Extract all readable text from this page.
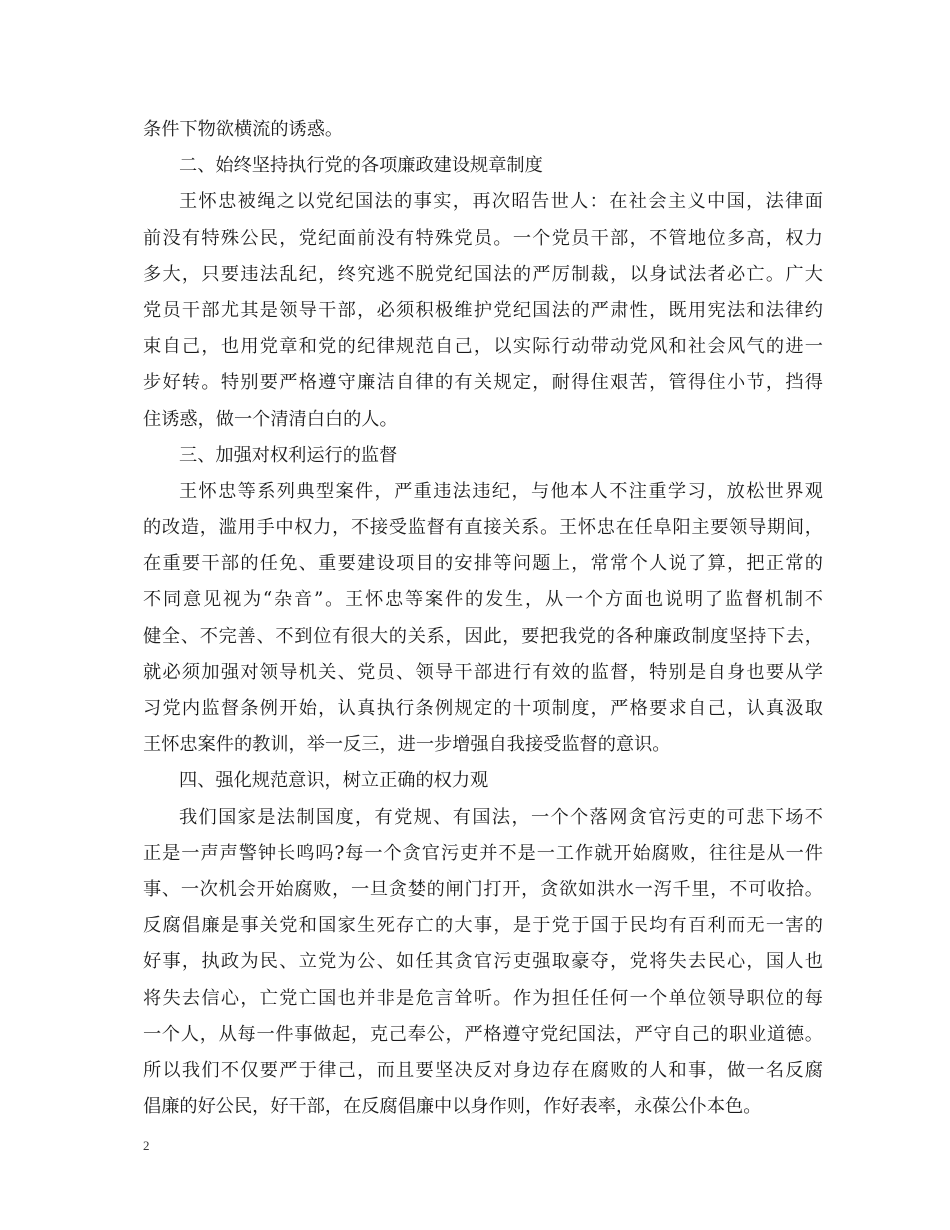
条件下物欲横流的诱惑。
二、始终坚持执行党的各项廉政建设规章制度
王怀忠被绳之以党纪国法的事实，再次昭告世人：在社会主义中国，法律面
前没有特殊公民，党纪面前没有特殊党员。一个党员干部，不管地位多高，权力
多大，只要违法乱纪，终究逃不脱党纪国法的严厉制裁，以身试法者必亡。广大
党员干部尤其是领导干部，必须积极维护党纪国法的严肃性，既用宪法和法律约
束自己，也用党章和党的纪律规范自己，以实际行动带动党风和社会风气的进一
步好转。特别要严格遵守廉洁自律的有关规定，耐得住艰苦，管得住小节，挡得
住诱惑，做一个清清白白的人。
三、加强对权利运行的监督
王怀忠等系列典型案件，严重违法违纪，与他本人不注重学习，放松世界观
的改造，滥用手中权力，不接受监督有直接关系。王怀忠在任阜阳主要领导期间，
在重要干部的任免、重要建设项目的安排等问题上，常常个人说了算，把正常的
不同意见视为“杂音”。王怀忠等案件的发生，从一个方面也说明了监督机制不
健全、不完善、不到位有很大的关系，因此，要把我党的各种廉政制度坚持下去，
就必须加强对领导机关、党员、领导干部进行有效的监督，特别是自身也要从学
习党内监督条例开始，认真执行条例规定的十项制度，严格要求自己，认真汲取
王怀忠案件的教训，举一反三，进一步增强自我接受监督的意识。
四、强化规范意识，树立正确的权力观
我们国家是法制国度，有党规、有国法，一个个落网贪官污吏的可悲下场不
正是一声声警钟长鸣吗?每一个贪官污吏并不是一工作就开始腐败，往往是从一件
事、一次机会开始腐败，一旦贪婪的闸门打开，贪欲如洪水一泻千里，不可收拾。
反腐倡廉是事关党和国家生死存亡的大事，是于党于国于民均有百利而无一害的
好事，执政为民、立党为公、如任其贪官污吏强取豪夺，党将失去民心，国人也
将失去信心，亡党亡国也并非是危言耸听。作为担任任何一个单位领导职位的每
一个人，从每一件事做起，克己奉公，严格遵守党纪国法，严守自己的职业道德。
所以我们不仅要严于律己，而且要坚决反对身边存在腐败的人和事，做一名反腐
倡廉的好公民，好干部，在反腐倡廉中以身作则，作好表率，永葆公仆本色。
2
